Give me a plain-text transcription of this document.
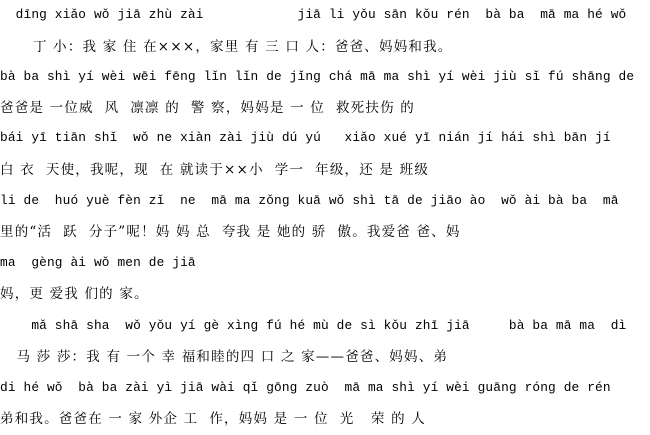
dīng xiǎo wǒ jiā zhù zài            jiā li yǒu sān kǒu rén  bà ba  mā ma hé wǒ
丁 小：我 家 住 在×××，家里 有 三 口 人：爸爸、妈妈和我。
bà ba shì yí wèi wēi fēng lǐn lǐn de jǐng chá mā ma shì yí wèi jiù sǐ fú shāng de
爸爸是 一位威  风  凛凛 的  警 察，妈妈是 一 位  救死扶伤 的
bái yī tiān shǐ  wǒ ne xiàn zài jiù dú yú   xiǎo xué yī nián jí hái shì bān jí
白 衣  天使，我呢，现  在 就读于××小  学一  年级，还 是 班级
li de  huó yuè fèn zǐ  ne  mā ma zǒng kuā wǒ shì tā de jiāo ào  wǒ ài bà ba  mā
里的“活  跃  分子”呢！妈 妈 总  夸我 是 她的 骄  傲。我爱爸 爸、妈
ma  gèng ài wǒ men de jiā
妈，更 爱我 们的 家。
mǎ shā sha  wǒ yǒu yí gè xìng fú hé mù de sì kǒu zhī jiā     bà ba mā ma  dì
马 莎 莎：我 有 一个 幸 福和睦的四 口 之 家——爸爸、妈妈、弟
di hé wǒ  bà ba zài yì jiā wài qǐ gōng zuò  mā ma shì yí wèi guāng róng de rén
弟和我。爸爸在 一 家 外企 工  作，妈妈 是 一 位  光   荣 的 人
